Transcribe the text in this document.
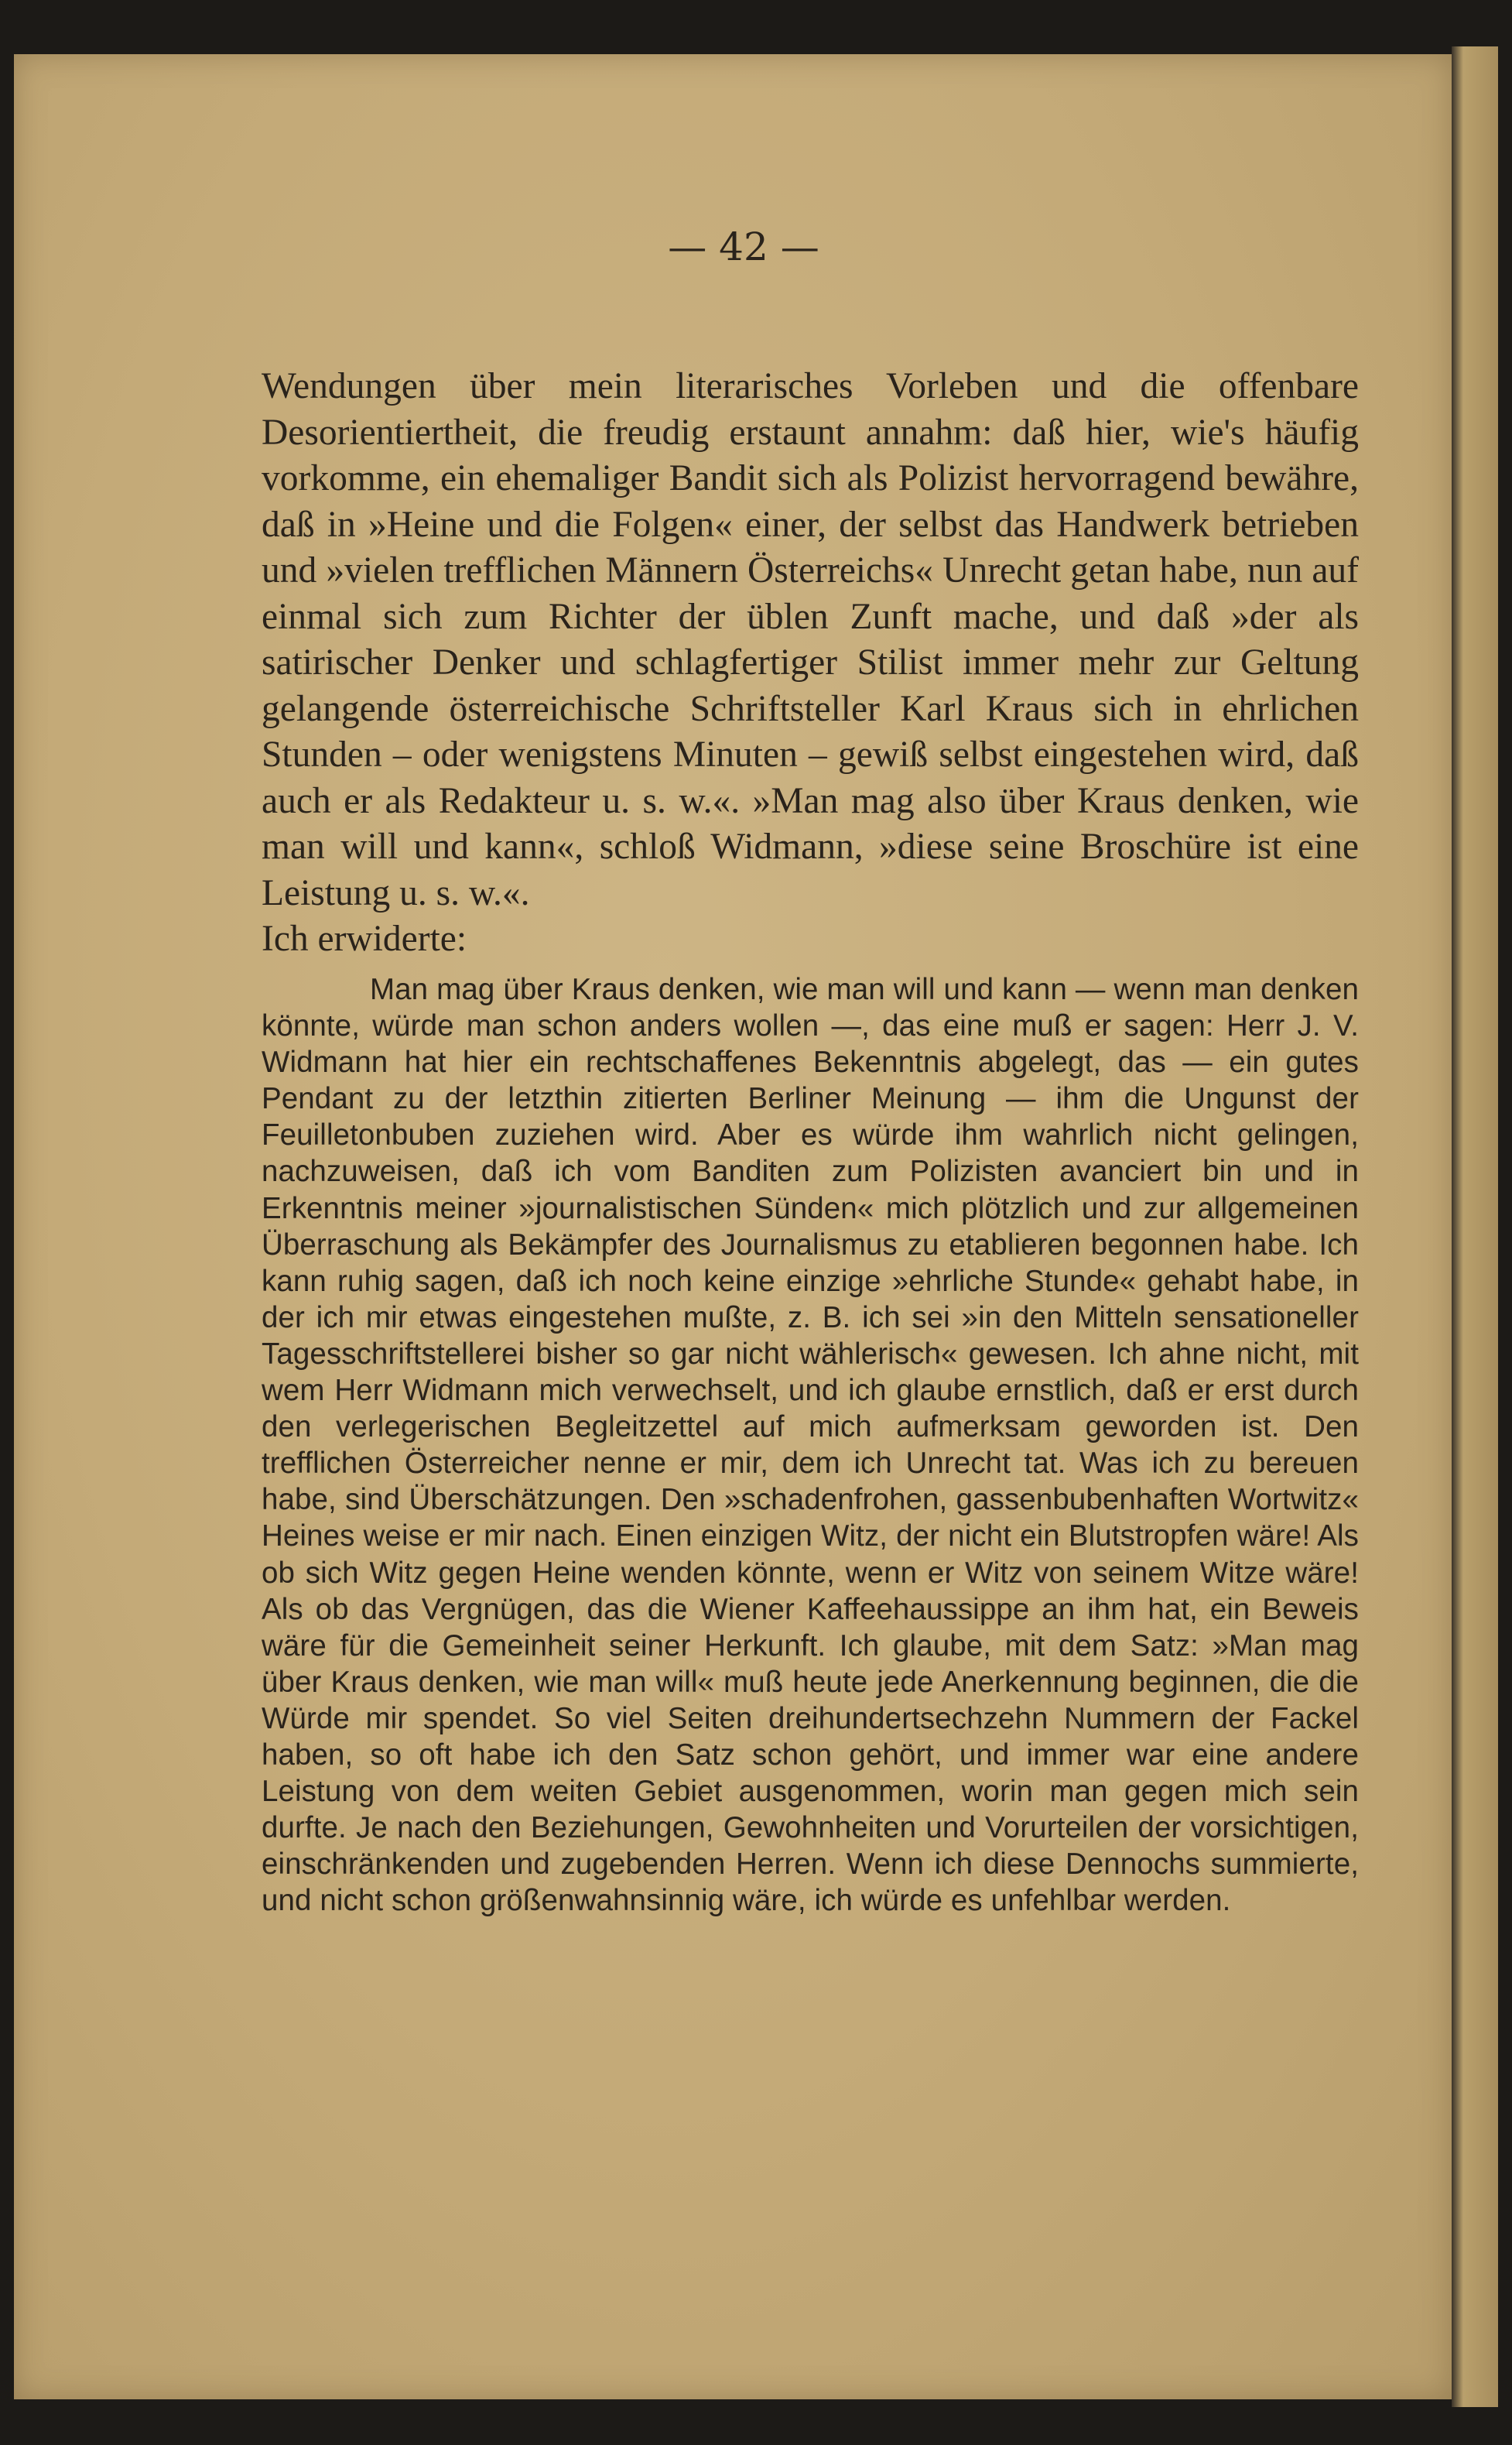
— 42 —

Wendungen über mein literarisches Vorleben und die offenbare Desorientiertheit, die freudig erstaunt annahm: daß hier, wie's häufig vorkomme, ein ehemaliger Bandit sich als Polizist hervorragend bewähre, daß in »Heine und die Folgen« einer, der selbst das Handwerk betrieben und »vielen trefflichen Männern Österreichs« Unrecht getan habe, nun auf einmal sich zum Richter der üblen Zunft mache, und daß »der als satirischer Denker und schlagfertiger Stilist immer mehr zur Geltung gelangende österreichische Schriftsteller Karl Kraus sich in ehrlichen Stunden – oder wenigstens Minuten – gewiß selbst eingestehen wird, daß auch er als Redakteur u. s. w.«. »Man mag also über Kraus denken, wie man will und kann«, schloß Widmann, »diese seine Broschüre ist eine Leistung u. s. w.«.

Ich erwiderte:

Man mag über Kraus denken, wie man will und kann — wenn man denken könnte, würde man schon anders wollen —, das eine muß er sagen: Herr J. V. Widmann hat hier ein rechtschaffenes Bekenntnis abgelegt, das — ein gutes Pendant zu der letzthin zitierten Berliner Meinung — ihm die Ungunst der Feuilletonbuben zuziehen wird. Aber es würde ihm wahrlich nicht gelingen, nachzuweisen, daß ich vom Banditen zum Polizisten avanciert bin und in Erkenntnis meiner »journalistischen Sünden« mich plötzlich und zur allgemeinen Überraschung als Bekämpfer des Journalismus zu etablieren begonnen habe. Ich kann ruhig sagen, daß ich noch keine einzige »ehrliche Stunde« gehabt habe, in der ich mir etwas eingestehen mußte, z. B. ich sei »in den Mitteln sensationeller Tagesschriftstellerei bisher so gar nicht wählerisch« gewesen. Ich ahne nicht, mit wem Herr Widmann mich verwechselt, und ich glaube ernstlich, daß er erst durch den verlegerischen Begleitzettel auf mich aufmerksam geworden ist. Den trefflichen Österreicher nenne er mir, dem ich Unrecht tat. Was ich zu bereuen habe, sind Überschätzungen. Den »schadenfrohen, gassenbubenhaften Wortwitz« Heines weise er mir nach. Einen einzigen Witz, der nicht ein Blutstropfen wäre! Als ob sich Witz gegen Heine wenden könnte, wenn er Witz von seinem Witze wäre! Als ob das Vergnügen, das die Wiener Kaffeehaussippe an ihm hat, ein Beweis wäre für die Gemeinheit seiner Herkunft. Ich glaube, mit dem Satz: »Man mag über Kraus denken, wie man will« muß heute jede Anerkennung beginnen, die die Würde mir spendet. So viel Seiten dreihundertsechzehn Nummern der Fackel haben, so oft habe ich den Satz schon gehört, und immer war eine andere Leistung von dem weiten Gebiet ausgenommen, worin man gegen mich sein durfte. Je nach den Beziehungen, Gewohnheiten und Vorurteilen der vorsichtigen, einschränkenden und zugebenden Herren. Wenn ich diese Dennochs summierte, und nicht schon größenwahnsinnig wäre, ich würde es unfehlbar werden.
